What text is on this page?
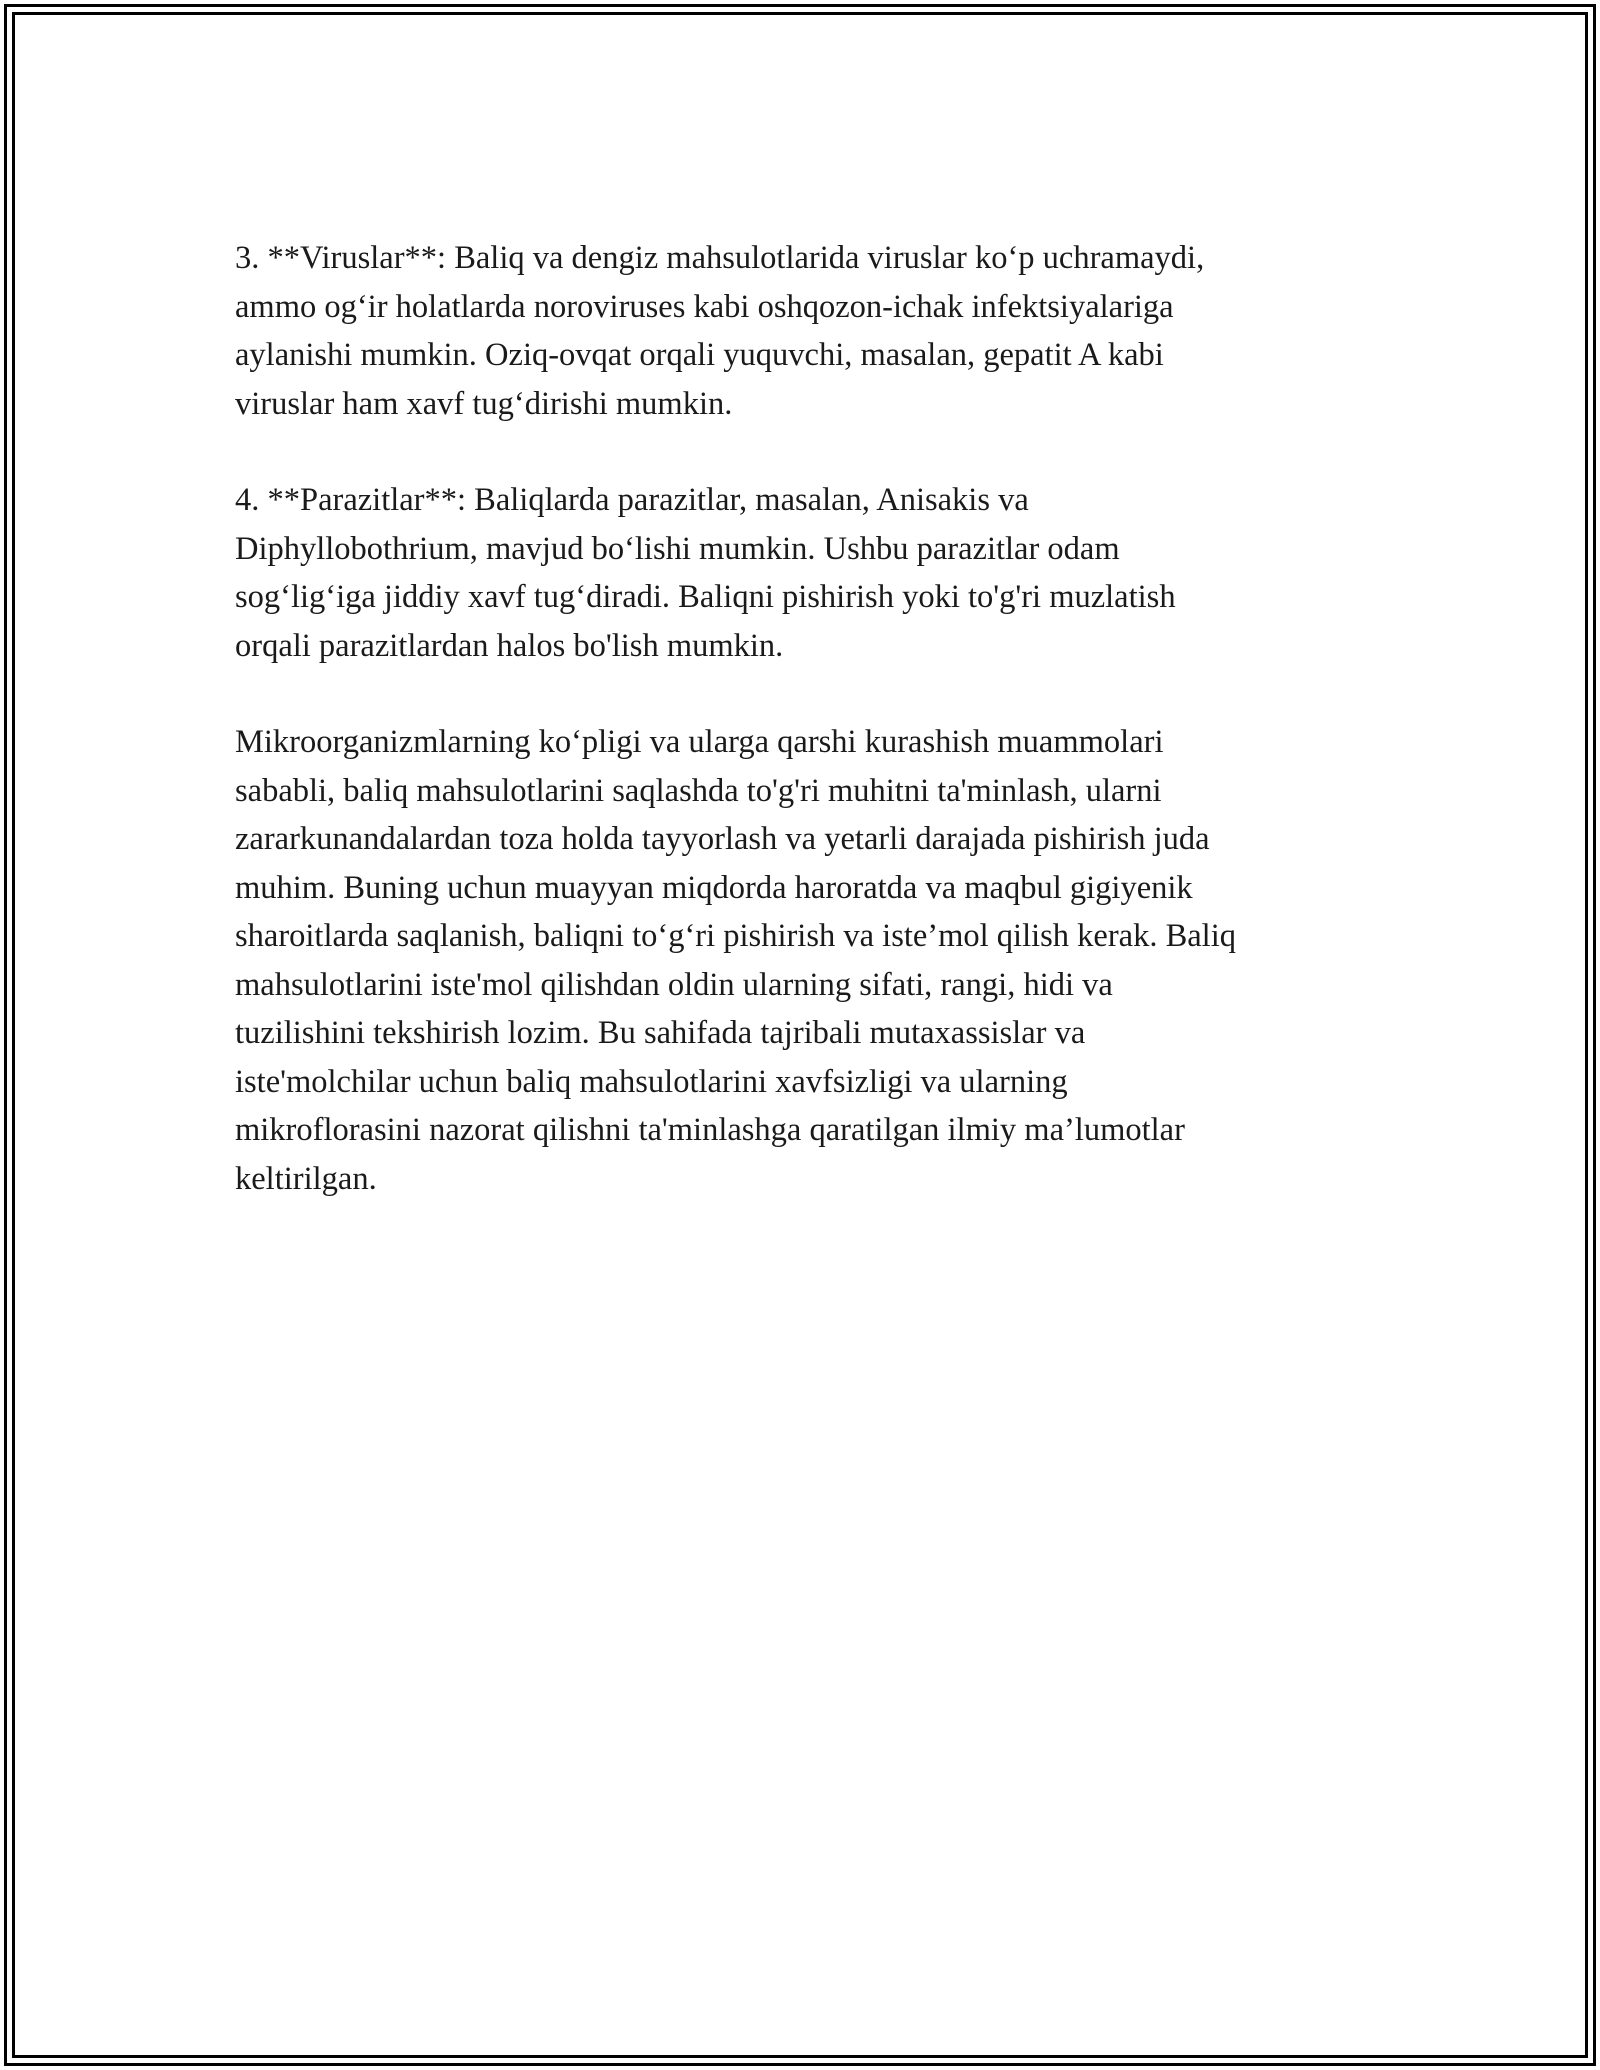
3. **Viruslar**: Baliq va dengiz mahsulotlarida viruslar ko‘p uchramaydi,
ammo og‘ir holatlarda noroviruses kabi oshqozon-ichak infektsiyalariga
aylanishi mumkin. Oziq-ovqat orqali yuquvchi, masalan, gepatit A kabi
viruslar ham xavf tug‘dirishi mumkin.

4. **Parazitlar**: Baliqlarda parazitlar, masalan, Anisakis va
Diphyllobothrium, mavjud bo‘lishi mumkin. Ushbu parazitlar odam
sog‘lig‘iga jiddiy xavf tug‘diradi. Baliqni pishirish yoki to'g'ri muzlatish
orqali parazitlardan halos bo'lish mumkin.

Mikroorganizmlarning ko‘pligi va ularga qarshi kurashish muammolari
sababli, baliq mahsulotlarini saqlashda to'g'ri muhitni ta'minlash, ularni
zararkunandalardan toza holda tayyorlash va yetarli darajada pishirish juda
muhim. Buning uchun muayyan miqdorda haroratda va maqbul gigiyenik
sharoitlarda saqlanish, baliqni to‘g‘ri pishirish va iste’mol qilish kerak. Baliq
mahsulotlarini iste'mol qilishdan oldin ularning sifati, rangi, hidi va
tuzilishini tekshirish lozim. Bu sahifada tajribali mutaxassislar va
iste'molchilar uchun baliq mahsulotlarini xavfsizligi va ularning
mikroflorasini nazorat qilishni ta'minlashga qaratilgan ilmiy ma’lumotlar
keltirilgan.
